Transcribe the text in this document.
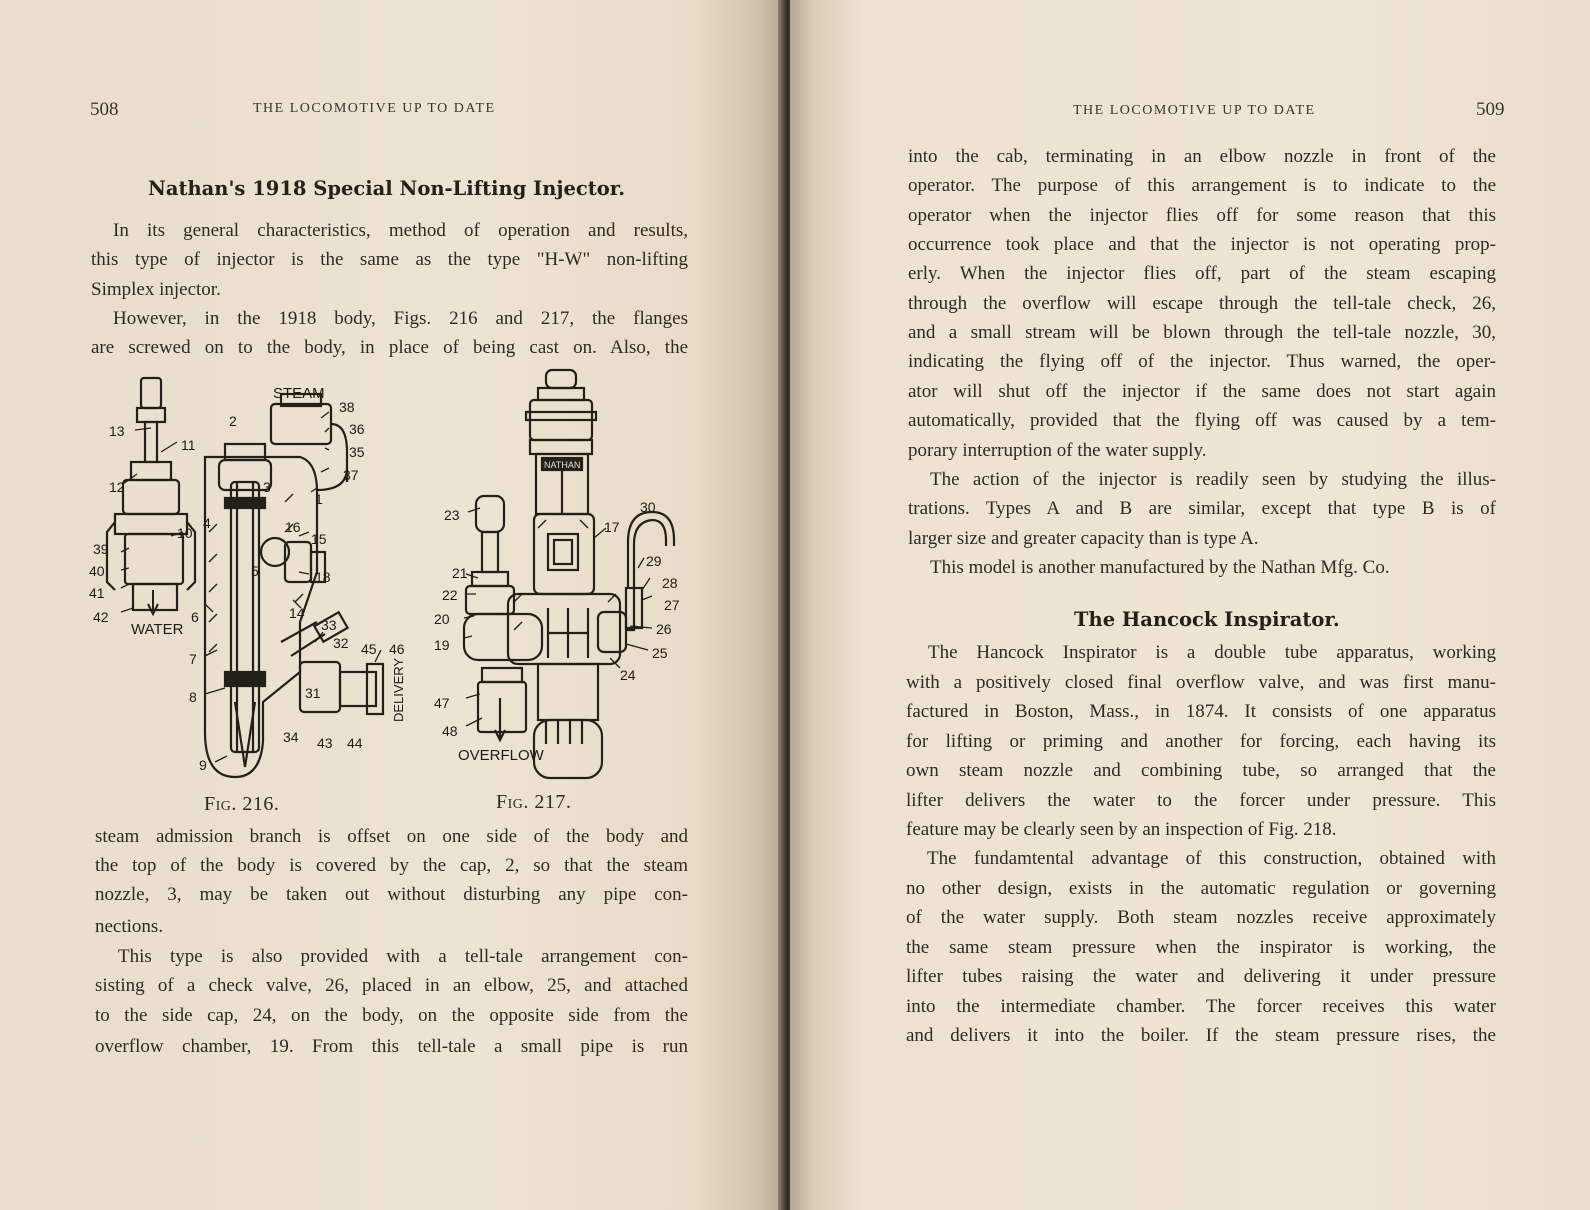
508	THE LOCOMOTIVE UP TO DATE
Nathan's 1918 Special Non-Lifting Injector.
In its general characteristics, method of operation and results,
this type of injector is the same as the type "H-W" non-lifting
Simplex injector.
However, in the 1918 body, Figs. 216 and 217, the flanges
are screwed on to the body, in place of being cast on. Also, the
STEAM
WATER
DELIVERY
38
36
35
37
2
3
1
13
11
12
10	16
15
39
40
41
42
5	18
4
6	14
33
32 45 46
7
8	31
34 43 44
9
Fig. 216.
NATHAN
OVERFLOW
30
23
17
29
21
28
22
27
20
26
19	25
24
47
48
Fig. 217.
steam admission branch is offset on one side of the body and
the top of the body is covered by the cap, 2, so that the steam
nozzle, 3, may be taken out without disturbing any pipe con-
nections.
This type is also provided with a tell-tale arrangement con-
sisting of a check valve, 26, placed in an elbow, 25, and attached
to the side cap, 24, on the body, on the opposite side from the
overflow chamber, 19. From this tell-tale a small pipe is run
THE LOCOMOTIVE UP TO DATE	509
into the cab, terminating in an elbow nozzle in front of the
operator. The purpose of this arrangement is to indicate to the
operator when the injector flies off for some reason that this
occurrence took place and that the injector is not operating prop-
erly. When the injector flies off, part of the steam escaping
through the overflow will escape through the tell-tale check, 26,
and a small stream will be blown through the tell-tale nozzle, 30,
indicating the flying off of the injector. Thus warned, the oper-
ator will shut off the injector if the same does not start again
automatically, provided that the flying off was caused by a tem-
porary interruption of the water supply.
The action of the injector is readily seen by studying the illus-
trations. Types A and B are similar, except that type B is of
larger size and greater capacity than is type A.
This model is another manufactured by the Nathan Mfg. Co.
The Hancock Inspirator.
The Hancock Inspirator is a double tube apparatus, working
with a positively closed final overflow valve, and was first manu-
factured in Boston, Mass., in 1874. It consists of one apparatus
for lifting or priming and another for forcing, each having its
own steam nozzle and combining tube, so arranged that the
lifter delivers the water to the forcer under pressure. This
feature may be clearly seen by an inspection of Fig. 218.
The fundamtental advantage of this construction, obtained with
no other design, exists in the automatic regulation or governing
of the water supply. Both steam nozzles receive approximately
the same steam pressure when the inspirator is working, the
lifter tubes raising the water and delivering it under pressure
into the intermediate chamber. The forcer receives this water
and delivers it into the boiler. If the steam pressure rises, the
